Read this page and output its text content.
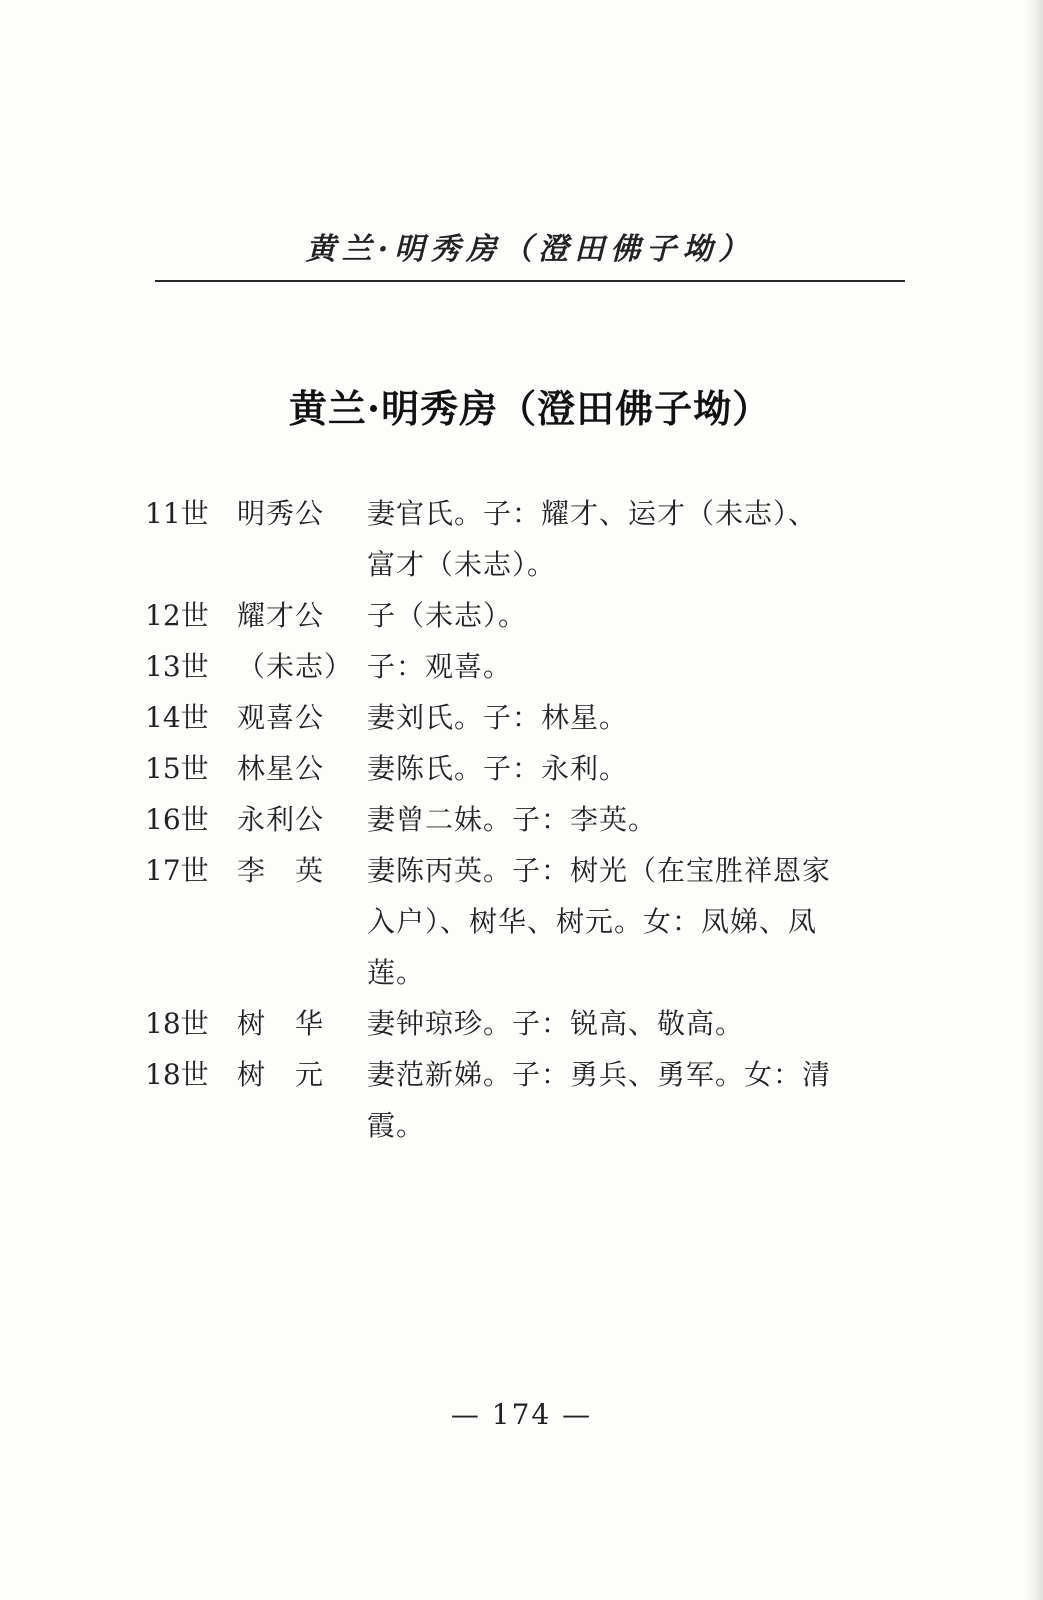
黄兰·明秀房（澄田佛子坳）
黄兰·明秀房（澄田佛子坳）
11世	明秀公	妻官氏。子：耀才、运才（未志）、
富才（未志）。
12世	耀才公	子（未志）。
13世	（未志） 子：观喜。
14世	观喜公	妻刘氏。子：林星。
15世	林星公	妻陈氏。子：永利。
16世	永利公	妻曾二妹。子：李英。
17世	李　英	妻陈丙英。子：树光（在宝胜祥恩家
入户）、树华、树元。女：凤娣、凤
莲。
18世	树　华	妻钟琼珍。子：锐高、敬高。
18世	树　元	妻范新娣。子：勇兵、勇军。女：清
霞。
— 174 —
